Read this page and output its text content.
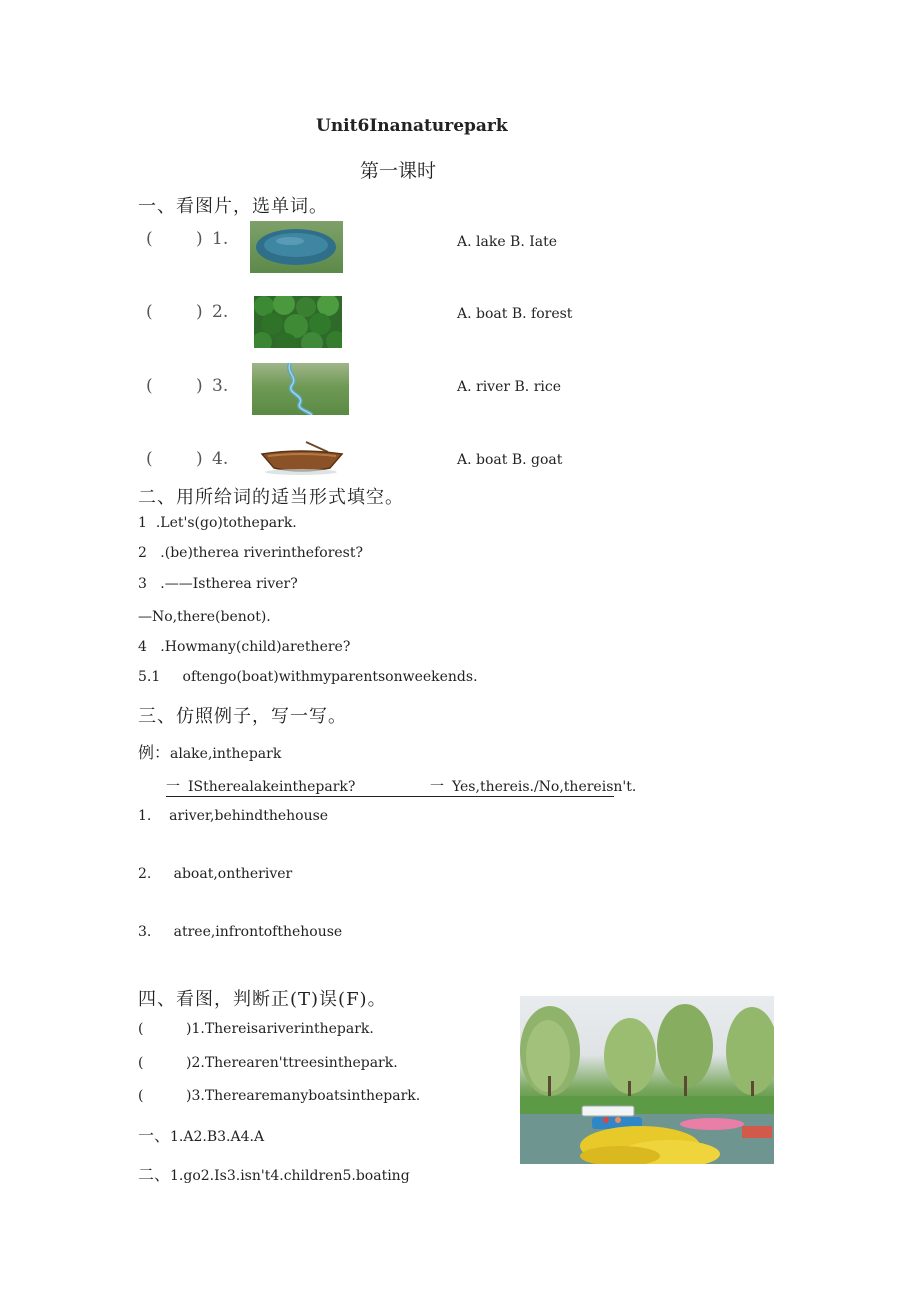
Unit6Inanaturepark
第一课时
一、看图片，选单词。
(	) 1.	A. lake B. Iate
(	) 2.	A. boat B. forest
(	) 3.	A. river B. rice
(	) 4.	A. boat B. goat
二、用所给词的适当形式填空。
1 .Let's(go)tothepark.
2 .(be)therea riverintheforest?
3 .——Istherea river?
—No,there(benot).
4 .Howmany(child)arethere?
5.1 oftengo(boat)withmyparentsonweekends.
三、仿照例子，写一写。
例：alake,inthepark
一 IStherealakeinthepark?	一 Yes,thereis./No,thereisn't.
1. ariver,behindthehouse
2. aboat,ontheriver
3. atree,infrontofthehouse
四、看图，判断正(T)误(F)。
(	)1.Thereisariverinthepark.
(	)2.Therearen'ttreesinthepark.
(	)3.Therearemanyboatsinthepark.
一、1.A2.B3.A4.A
二、1.go2.Is3.isn't4.children5.boating
